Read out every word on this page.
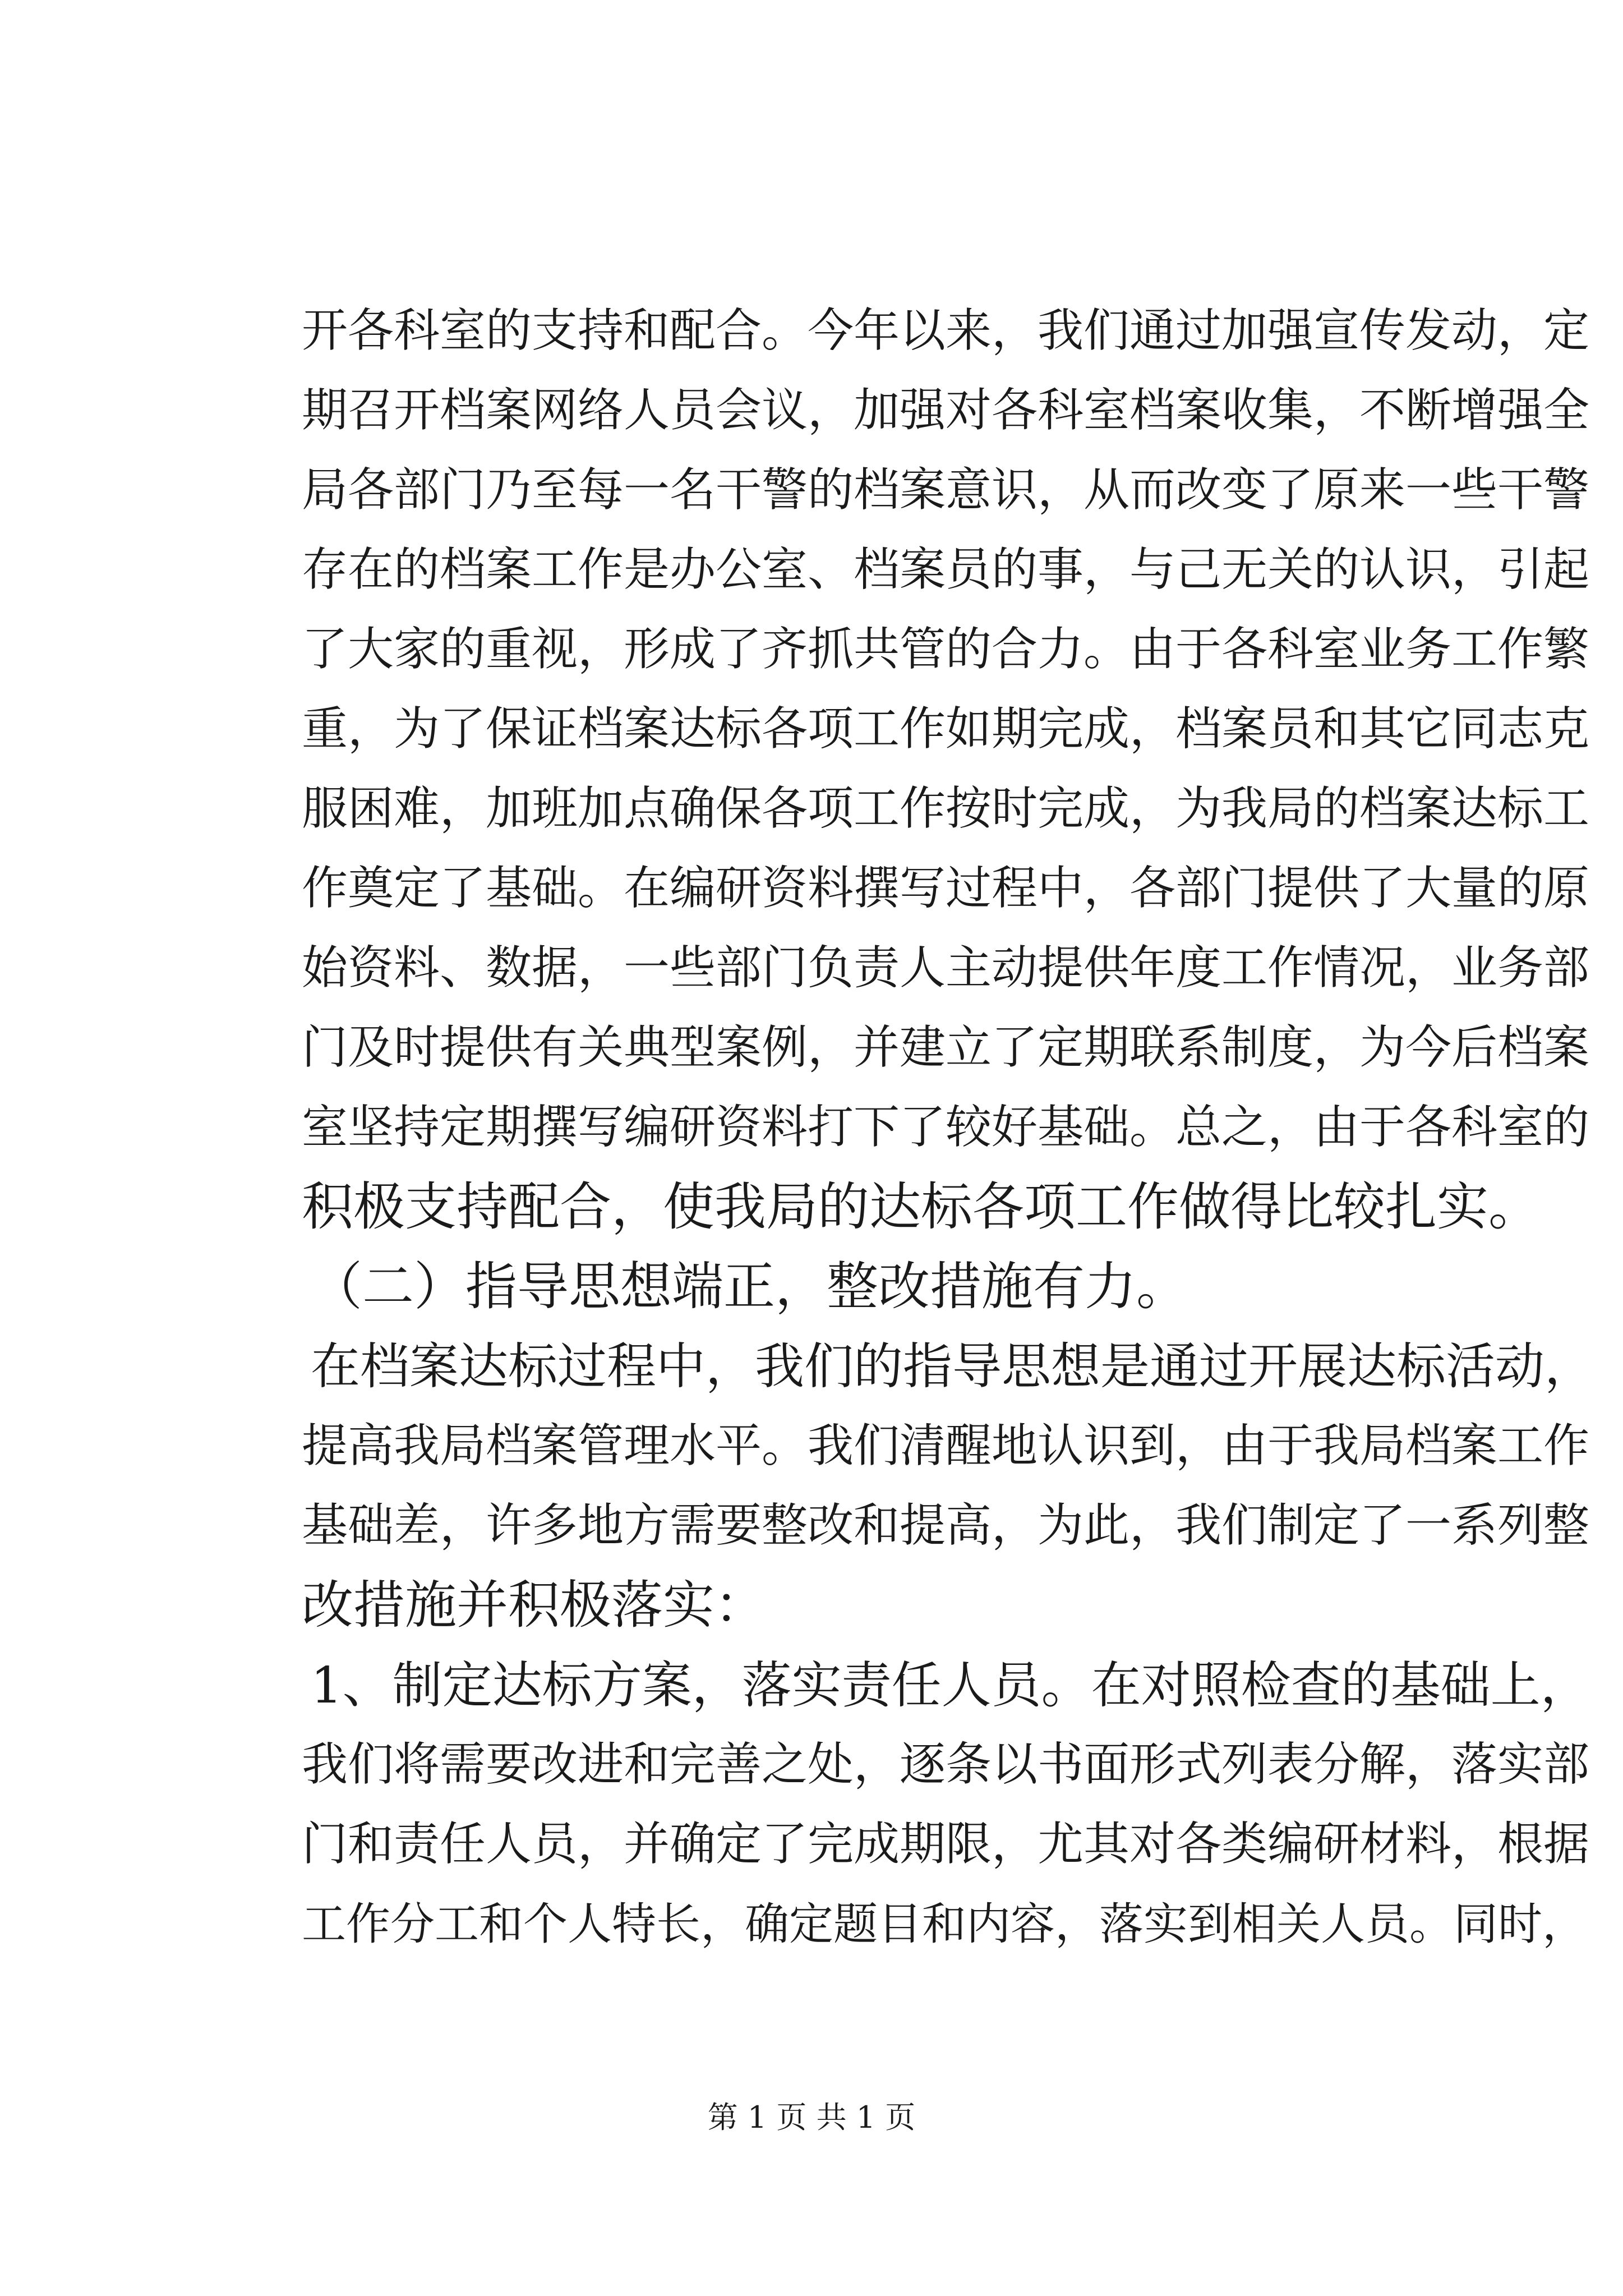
开各科室的支持和配合。今年以来，我们通过加强宣传发动，定
期召开档案网络人员会议，加强对各科室档案收集，不断增强全
局各部门乃至每一名干警的档案意识，从而改变了原来一些干警
存在的档案工作是办公室、档案员的事，与己无关的认识，引起
了大家的重视，形成了齐抓共管的合力。由于各科室业务工作繁
重，为了保证档案达标各项工作如期完成，档案员和其它同志克
服困难，加班加点确保各项工作按时完成，为我局的档案达标工
作奠定了基础。在编研资料撰写过程中，各部门提供了大量的原
始资料、数据，一些部门负责人主动提供年度工作情况，业务部
门及时提供有关典型案例，并建立了定期联系制度，为今后档案
室坚持定期撰写编研资料打下了较好基础。总之，由于各科室的
积极支持配合，使我局的达标各项工作做得比较扎实。
（二）指导思想端正，整改措施有力。
在档案达标过程中，我们的指导思想是通过开展达标活动，
提高我局档案管理水平。我们清醒地认识到，由于我局档案工作
基础差，许多地方需要整改和提高，为此，我们制定了一系列整
改措施并积极落实：
1、制定达标方案，落实责任人员。在对照检查的基础上，
我们将需要改进和完善之处，逐条以书面形式列表分解，落实部
门和责任人员，并确定了完成期限，尤其对各类编研材料，根据
工作分工和个人特长，确定题目和内容，落实到相关人员。同时，
第 1 页 共 1 页
